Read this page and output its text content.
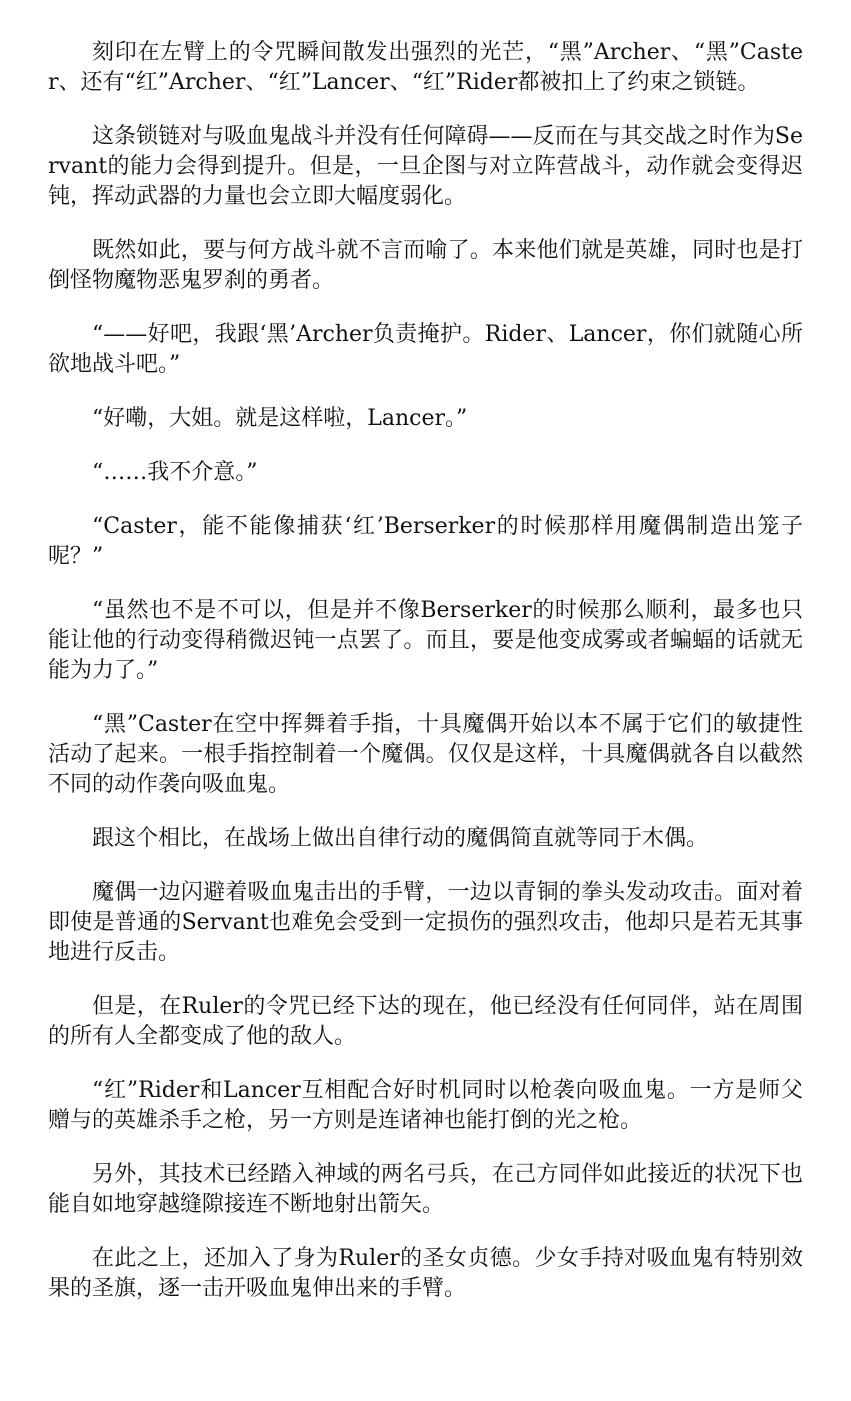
刻印在左臂上的令咒瞬间散发出强烈的光芒，“黑”Archer、“黑”Caster、还有“红”Archer、“红”Lancer、“红”Rider都被扣上了约束之锁链。

这条锁链对与吸血鬼战斗并没有任何障碍——反而在与其交战之时作为Servant的能力会得到提升。但是，一旦企图与对立阵营战斗，动作就会变得迟钝，挥动武器的力量也会立即大幅度弱化。

既然如此，要与何方战斗就不言而喻了。本来他们就是英雄，同时也是打倒怪物魔物恶鬼罗刹的勇者。

“——好吧，我跟‘黑’Archer负责掩护。Rider、Lancer，你们就随心所欲地战斗吧。”

“好嘞，大姐。就是这样啦，Lancer。”

“……我不介意。”

“Caster，能不能像捕获‘红’Berserker的时候那样用魔偶制造出笼子呢？”

“虽然也不是不可以，但是并不像Berserker的时候那么顺利，最多也只能让他的行动变得稍微迟钝一点罢了。而且，要是他变成雾或者蝙蝠的话就无能为力了。”

“黑”Caster在空中挥舞着手指，十具魔偶开始以本不属于它们的敏捷性活动了起来。一根手指控制着一个魔偶。仅仅是这样，十具魔偶就各自以截然不同的动作袭向吸血鬼。

跟这个相比，在战场上做出自律行动的魔偶简直就等同于木偶。

魔偶一边闪避着吸血鬼击出的手臂，一边以青铜的拳头发动攻击。面对着即使是普通的Servant也难免会受到一定损伤的强烈攻击，他却只是若无其事地进行反击。

但是，在Ruler的令咒已经下达的现在，他已经没有任何同伴，站在周围的所有人全都变成了他的敌人。

“红”Rider和Lancer互相配合好时机同时以枪袭向吸血鬼。一方是师父赠与的英雄杀手之枪，另一方则是连诸神也能打倒的光之枪。

另外，其技术已经踏入神域的两名弓兵，在己方同伴如此接近的状况下也能自如地穿越缝隙接连不断地射出箭矢。

在此之上，还加入了身为Ruler的圣女贞德。少女手持对吸血鬼有特别效果的圣旗，逐一击开吸血鬼伸出来的手臂。
